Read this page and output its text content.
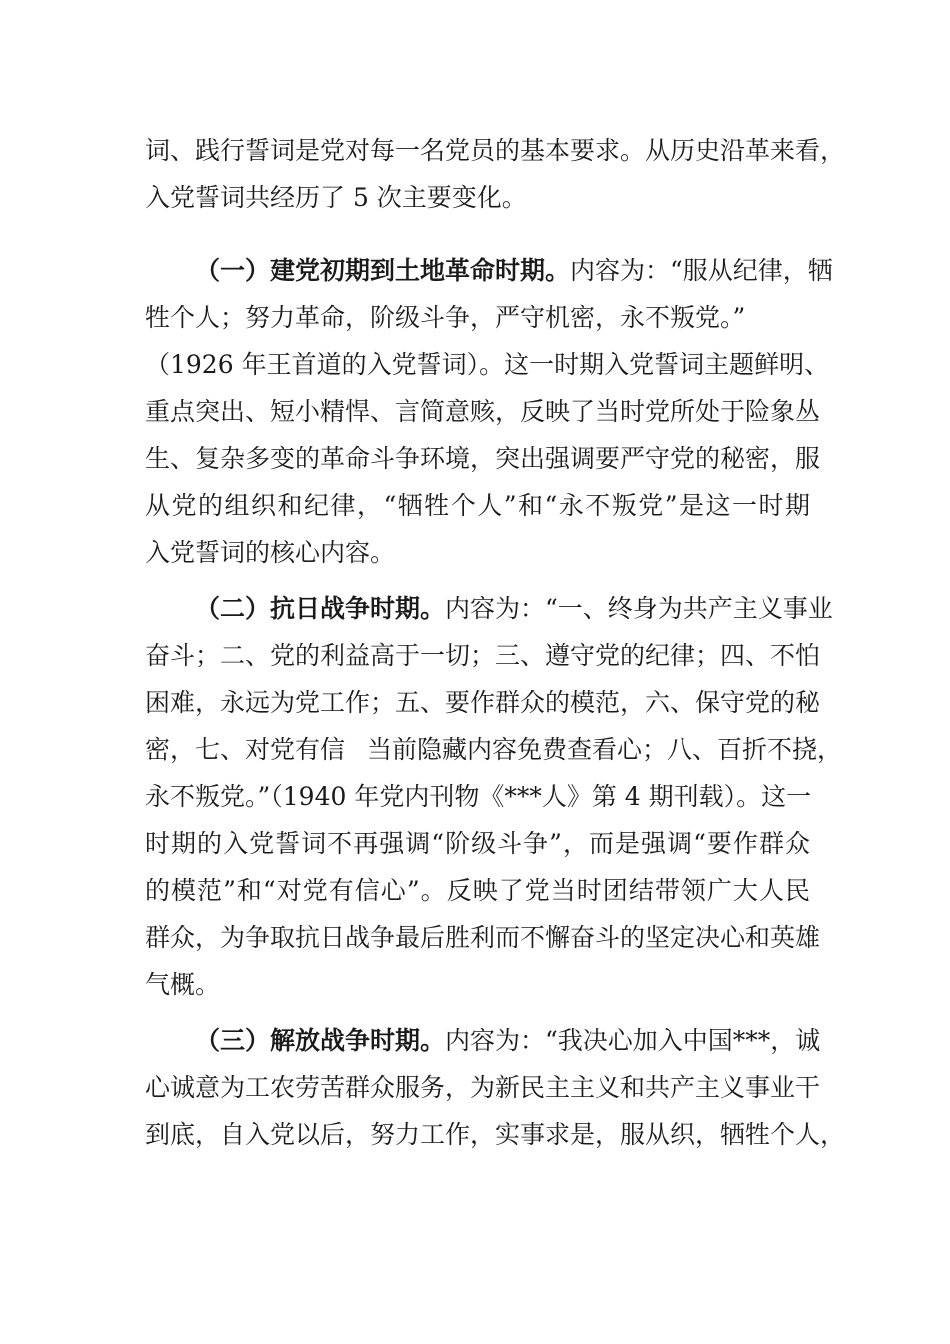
词、践行誓词是党对每一名党员的基本要求。从历史沿革来看，
入党誓词共经历了 5 次主要变化。
（一）建党初期到土地革命时期。内容为：“服从纪律，牺
牲个人；努力革命，阶级斗争，严守机密，永不叛党。”
（1926 年王首道的入党誓词）。这一时期入党誓词主题鲜明、
重点突出、短小精悍、言简意赅，反映了当时党所处于险象丛
生、复杂多变的革命斗争环境，突出强调要严守党的秘密，服
从党的组织和纪律，“牺牲个人”和“永不叛党”是这一时期
入党誓词的核心内容。
（二）抗日战争时期。内容为：“一、终身为共产主义事业
奋斗；二、党的利益高于一切；三、遵守党的纪律；四、不怕
困难，永远为党工作；五、要作群众的模范，六、保守党的秘
密，七、对党有信 当前隐藏内容免费查看心；八、百折不挠，
永不叛党。”（1940 年党内刊物《***人》第 4 期刊载）。这一
时期的入党誓词不再强调“阶级斗争”，而是强调“要作群众
的模范”和“对党有信心”。反映了党当时团结带领广大人民
群众，为争取抗日战争最后胜利而不懈奋斗的坚定决心和英雄
气概。
（三）解放战争时期。内容为：“我决心加入中国***，诚
心诚意为工农劳苦群众服务，为新民主主义和共产主义事业干
到底，自入党以后，努力工作，实事求是，服从织，牺牲个人，
